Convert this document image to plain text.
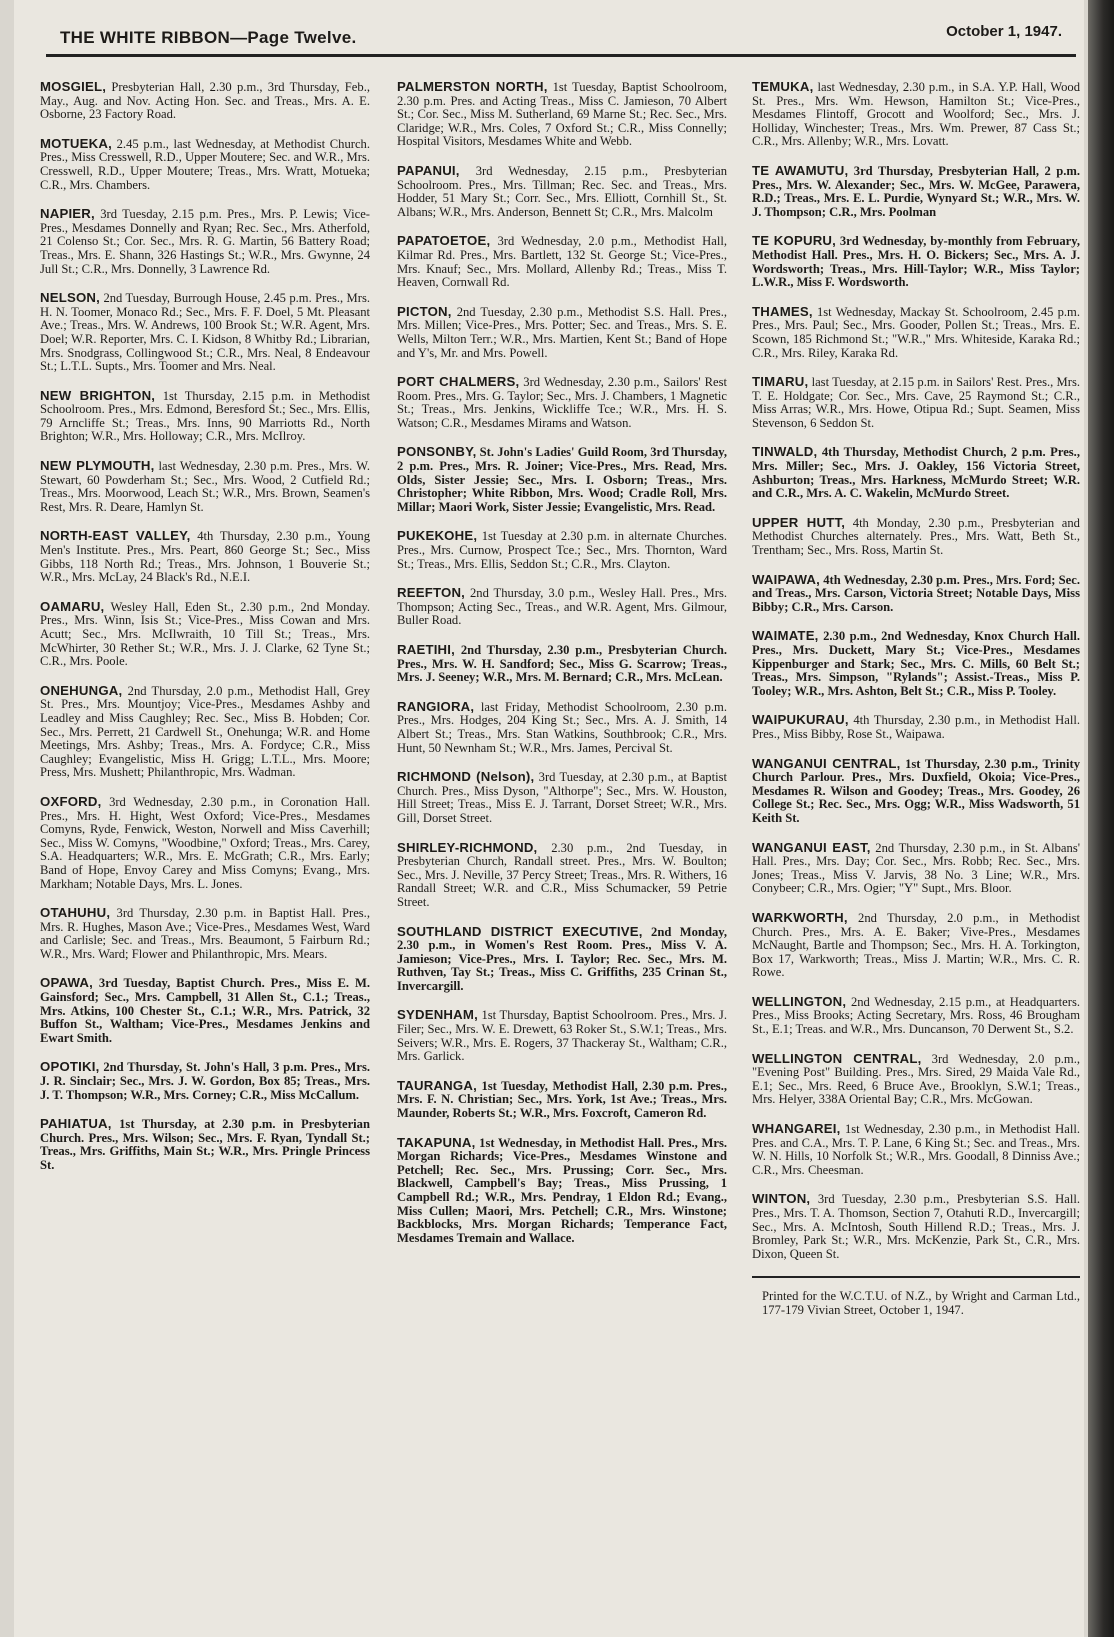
THE WHITE RIBBON—Page Twelve.	October 1, 1947.

MOSGIEL, Presbyterian Hall, 2.30 p.m., 3rd Thursday, Feb., May., Aug. and Nov. Acting Hon. Sec. and Treas., Mrs. A. E. Osborne, 23 Factory Road.

MOTUEKA, 2.45 p.m., last Wednesday, at Methodist Church. Pres., Miss Cresswell, R.D., Upper Moutere; Sec. and W.R., Mrs. Cresswell, R.D., Upper Moutere; Treas., Mrs. Wratt, Motueka; C.R., Mrs. Chambers.

NAPIER, 3rd Tuesday, 2.15 p.m. Pres., Mrs. P. Lewis; Vice-Pres., Mesdames Donnelly and Ryan; Rec. Sec., Mrs. Atherfold, 21 Colenso St.; Cor. Sec., Mrs. R. G. Martin, 56 Battery Road; Treas., Mrs. E. Shann, 326 Hastings St.; W.R., Mrs. Gwynne, 24 Jull St.; C.R., Mrs. Donnelly, 3 Lawrence Rd.

NELSON, 2nd Tuesday, Burrough House, 2.45 p.m. Pres., Mrs. H. N. Toomer, Monaco Rd.; Sec., Mrs. F. F. Doel, 5 Mt. Pleasant Ave.; Treas., Mrs. W. Andrews, 100 Brook St.; W.R. Agent, Mrs. Doel; W.R. Reporter, Mrs. C. I. Kidson, 8 Whitby Rd.; Librarian, Mrs. Snodgrass, Collingwood St.; C.R., Mrs. Neal, 8 Endeavour St.; L.T.L. Supts., Mrs. Toomer and Mrs. Neal.

NEW BRIGHTON, 1st Thursday, 2.15 p.m. in Methodist Schoolroom. Pres., Mrs. Edmond, Beresford St.; Sec., Mrs. Ellis, 79 Arncliffe St.; Treas., Mrs. Inns, 90 Marriotts Rd., North Brighton; W.R., Mrs. Holloway; C.R., Mrs. McIlroy.

NEW PLYMOUTH, last Wednesday, 2.30 p.m. Pres., Mrs. W. Stewart, 60 Powderham St.; Sec., Mrs. Wood, 2 Cutfield Rd.; Treas., Mrs. Moorwood, Leach St.; W.R., Mrs. Brown, Seamen's Rest, Mrs. R. Deare, Hamlyn St.

NORTH-EAST VALLEY, 4th Thursday, 2.30 p.m., Young Men's Institute. Pres., Mrs. Peart, 860 George St.; Sec., Miss Gibbs, 118 North Rd.; Treas., Mrs. Johnson, 1 Bouverie St.; W.R., Mrs. McLay, 24 Black's Rd., N.E.I.

OAMARU, Wesley Hall, Eden St., 2.30 p.m., 2nd Monday. Pres., Mrs. Winn, Isis St.; Vice-Pres., Miss Cowan and Mrs. Acutt; Sec., Mrs. McIlwraith, 10 Till St.; Treas., Mrs. McWhirter, 30 Rether St.; W.R., Mrs. J. J. Clarke, 62 Tyne St.; C.R., Mrs. Poole.

ONEHUNGA, 2nd Thursday, 2.0 p.m., Methodist Hall, Grey St. Pres., Mrs. Mountjoy; Vice-Pres., Mesdames Ashby and Leadley and Miss Caughley; Rec. Sec., Miss B. Hobden; Cor. Sec., Mrs. Perrett, 21 Cardwell St., Onehunga; W.R. and Home Meetings, Mrs. Ashby; Treas., Mrs. A. Fordyce; C.R., Miss Caughley; Evangelistic, Miss H. Grigg; L.T.L., Mrs. Moore; Press, Mrs. Mushett; Philanthropic, Mrs. Wadman.

OXFORD, 3rd Wednesday, 2.30 p.m., in Coronation Hall. Pres., Mrs. H. Hight, West Oxford; Vice-Pres., Mesdames Comyns, Ryde, Fenwick, Weston, Norwell and Miss Caverhill; Sec., Miss W. Comyns, "Woodbine," Oxford; Treas., Mrs. Carey, S.A. Headquarters; W.R., Mrs. E. McGrath; C.R., Mrs. Early; Band of Hope, Envoy Carey and Miss Comyns; Evang., Mrs. Markham; Notable Days, Mrs. L. Jones.

OTAHUHU, 3rd Thursday, 2.30 p.m. in Baptist Hall. Pres., Mrs. R. Hughes, Mason Ave.; Vice-Pres., Mesdames West, Ward and Carlisle; Sec. and Treas., Mrs. Beaumont, 5 Fairburn Rd.; W.R., Mrs. Ward; Flower and Philanthropic, Mrs. Mears.

OPAWA, 3rd Tuesday, Baptist Church. Pres., Miss E. M. Gainsford; Sec., Mrs. Campbell, 31 Allen St., C.1.; Treas., Mrs. Atkins, 100 Chester St., C.1.; W.R., Mrs. Patrick, 32 Buffon St., Waltham; Vice-Pres., Mesdames Jenkins and Ewart Smith.

OPOTIKI, 2nd Thursday, St. John's Hall, 3 p.m. Pres., Mrs. J. R. Sinclair; Sec., Mrs. J. W. Gordon, Box 85; Treas., Mrs. J. T. Thompson; W.R., Mrs. Corney; C.R., Miss McCallum.

PAHIATUA, 1st Thursday, at 2.30 p.m. in Presbyterian Church. Pres., Mrs. Wilson; Sec., Mrs. F. Ryan, Tyndall St.; Treas., Mrs. Griffiths, Main St.; W.R., Mrs. Pringle Princess St.

PALMERSTON NORTH, 1st Tuesday, Baptist Schoolroom, 2.30 p.m. Pres. and Acting Treas., Miss C. Jamieson, 70 Albert St.; Cor. Sec., Miss M. Sutherland, 69 Marne St.; Rec. Sec., Mrs. Claridge; W.R., Mrs. Coles, 7 Oxford St.; C.R., Miss Connelly; Hospital Visitors, Mesdames White and Webb.

PAPANUI, 3rd Wednesday, 2.15 p.m., Presbyterian Schoolroom. Pres., Mrs. Tillman; Rec. Sec. and Treas., Mrs. Hodder, 51 Mary St.; Corr. Sec., Mrs. Elliott, Cornhill St., St. Albans; W.R., Mrs. Anderson, Bennett St; C.R., Mrs. Malcolm

PAPATOETOE, 3rd Wednesday, 2.0 p.m., Methodist Hall, Kilmar Rd. Pres., Mrs. Bartlett, 132 St. George St.; Vice-Pres., Mrs. Knauf; Sec., Mrs. Mollard, Allenby Rd.; Treas., Miss T. Heaven, Cornwall Rd.

PICTON, 2nd Tuesday, 2.30 p.m., Methodist S.S. Hall. Pres., Mrs. Millen; Vice-Pres., Mrs. Potter; Sec. and Treas., Mrs. S. E. Wells, Milton Terr.; W.R., Mrs. Martien, Kent St.; Band of Hope and Y's, Mr. and Mrs. Powell.

PORT CHALMERS, 3rd Wednesday, 2.30 p.m., Sailors' Rest Room. Pres., Mrs. G. Taylor; Sec., Mrs. J. Chambers, 1 Magnetic St.; Treas., Mrs. Jenkins, Wickliffe Tce.; W.R., Mrs. H. S. Watson; C.R., Mesdames Mirams and Watson.

PONSONBY, St. John's Ladies' Guild Room, 3rd Thursday, 2 p.m. Pres., Mrs. R. Joiner; Vice-Pres., Mrs. Read, Mrs. Olds, Sister Jessie; Sec., Mrs. I. Osborn; Treas., Mrs. Christopher; White Ribbon, Mrs. Wood; Cradle Roll, Mrs. Millar; Maori Work, Sister Jessie; Evangelistic, Mrs. Read.

PUKEKOHE, 1st Tuesday at 2.30 p.m. in alternate Churches. Pres., Mrs. Curnow, Prospect Tce.; Sec., Mrs. Thornton, Ward St.; Treas., Mrs. Ellis, Seddon St.; C.R., Mrs. Clayton.

REEFTON, 2nd Thursday, 3.0 p.m., Wesley Hall. Pres., Mrs. Thompson; Acting Sec., Treas., and W.R. Agent, Mrs. Gilmour, Buller Road.

RAETIHI, 2nd Thursday, 2.30 p.m., Presbyterian Church. Pres., Mrs. W. H. Sandford; Sec., Miss G. Scarrow; Treas., Mrs. J. Seeney; W.R., Mrs. M. Bernard; C.R., Mrs. McLean.

RANGIORA, last Friday, Methodist Schoolroom, 2.30 p.m. Pres., Mrs. Hodges, 204 King St.; Sec., Mrs. A. J. Smith, 14 Albert St.; Treas., Mrs. Stan Watkins, Southbrook; C.R., Mrs. Hunt, 50 Newnham St.; W.R., Mrs. James, Percival St.

RICHMOND (Nelson), 3rd Tuesday, at 2.30 p.m., at Baptist Church. Pres., Miss Dyson, "Althorpe"; Sec., Mrs. W. Houston, Hill Street; Treas., Miss E. J. Tarrant, Dorset Street; W.R., Mrs. Gill, Dorset Street.

SHIRLEY-RICHMOND, 2.30 p.m., 2nd Tuesday, in Presbyterian Church, Randall street. Pres., Mrs. W. Boulton; Sec., Mrs. J. Neville, 37 Percy Street; Treas., Mrs. R. Withers, 16 Randall Street; W.R. and C.R., Miss Schumacker, 59 Petrie Street.

SOUTHLAND DISTRICT EXECUTIVE, 2nd Monday, 2.30 p.m., in Women's Rest Room. Pres., Miss V. A. Jamieson; Vice-Pres., Mrs. I. Taylor; Rec. Sec., Mrs. M. Ruthven, Tay St.; Treas., Miss C. Griffiths, 235 Crinan St., Invercargill.

SYDENHAM, 1st Thursday, Baptist Schoolroom. Pres., Mrs. J. Filer; Sec., Mrs. W. E. Drewett, 63 Roker St., S.W.1; Treas., Mrs. Seivers; W.R., Mrs. E. Rogers, 37 Thackeray St., Waltham; C.R., Mrs. Garlick.

TAURANGA, 1st Tuesday, Methodist Hall, 2.30 p.m. Pres., Mrs. F. N. Christian; Sec., Mrs. York, 1st Ave.; Treas., Mrs. Maunder, Roberts St.; W.R., Mrs. Foxcroft, Cameron Rd.

TAKAPUNA, 1st Wednesday, in Methodist Hall. Pres., Mrs. Morgan Richards; Vice-Pres., Mesdames Winstone and Petchell; Rec. Sec., Mrs. Prussing; Corr. Sec., Mrs. Blackwell, Campbell's Bay; Treas., Miss Prussing, 1 Campbell Rd.; W.R., Mrs. Pendray, 1 Eldon Rd.; Evang., Miss Cullen; Maori, Mrs. Petchell; C.R., Mrs. Winstone; Backblocks, Mrs. Morgan Richards; Temperance Fact, Mesdames Tremain and Wallace.

TEMUKA, last Wednesday, 2.30 p.m., in S.A. Y.P. Hall, Wood St. Pres., Mrs. Wm. Hewson, Hamilton St.; Vice-Pres., Mesdames Flintoff, Grocott and Woolford; Sec., Mrs. J. Holliday, Winchester; Treas., Mrs. Wm. Prewer, 87 Cass St.; C.R., Mrs. Allenby; W.R., Mrs. Lovatt.

TE AWAMUTU, 3rd Thursday, Presbyterian Hall, 2 p.m. Pres., Mrs. W. Alexander; Sec., Mrs. W. McGee, Parawera, R.D.; Treas., Mrs. E. L. Purdie, Wynyard St.; W.R., Mrs. W. J. Thompson; C.R., Mrs. Poolman

TE KOPURU, 3rd Wednesday, by-monthly from February, Methodist Hall. Pres., Mrs. H. O. Bickers; Sec., Mrs. A. J. Wordsworth; Treas., Mrs. Hill-Taylor; W.R., Miss Taylor; L.W.R., Miss F. Wordsworth.

THAMES, 1st Wednesday, Mackay St. Schoolroom, 2.45 p.m. Pres., Mrs. Paul; Sec., Mrs. Gooder, Pollen St.; Treas., Mrs. E. Scown, 185 Richmond St.; "W.R.," Mrs. Whiteside, Karaka Rd.; C.R., Mrs. Riley, Karaka Rd.

TIMARU, last Tuesday, at 2.15 p.m. in Sailors' Rest. Pres., Mrs. T. E. Holdgate; Cor. Sec., Mrs. Cave, 25 Raymond St.; C.R., Miss Arras; W.R., Mrs. Howe, Otipua Rd.; Supt. Seamen, Miss Stevenson, 6 Seddon St.

TINWALD, 4th Thursday, Methodist Church, 2 p.m. Pres., Mrs. Miller; Sec., Mrs. J. Oakley, 156 Victoria Street, Ashburton; Treas., Mrs. Harkness, McMurdo Street; W.R. and C.R., Mrs. A. C. Wakelin, McMurdo Street.

UPPER HUTT, 4th Monday, 2.30 p.m., Presbyterian and Methodist Churches alternately. Pres., Mrs. Watt, Beth St., Trentham; Sec., Mrs. Ross, Martin St.

WAIPAWA, 4th Wednesday, 2.30 p.m. Pres., Mrs. Ford; Sec. and Treas., Mrs. Carson, Victoria Street; Notable Days, Miss Bibby; C.R., Mrs. Carson.

WAIMATE, 2.30 p.m., 2nd Wednesday, Knox Church Hall. Pres., Mrs. Duckett, Mary St.; Vice-Pres., Mesdames Kippenburger and Stark; Sec., Mrs. C. Mills, 60 Belt St.; Treas., Mrs. Simpson, "Rylands"; Assist.-Treas., Miss P. Tooley; W.R., Mrs. Ashton, Belt St.; C.R., Miss P. Tooley.

WAIPUKURAU, 4th Thursday, 2.30 p.m., in Methodist Hall. Pres., Miss Bibby, Rose St., Waipawa.

WANGANUI CENTRAL, 1st Thursday, 2.30 p.m., Trinity Church Parlour. Pres., Mrs. Duxfield, Okoia; Vice-Pres., Mesdames R. Wilson and Goodey; Treas., Mrs. Goodey, 26 College St.; Rec. Sec., Mrs. Ogg; W.R., Miss Wadsworth, 51 Keith St.

WANGANUI EAST, 2nd Thursday, 2.30 p.m., in St. Albans' Hall. Pres., Mrs. Day; Cor. Sec., Mrs. Robb; Rec. Sec., Mrs. Jones; Treas., Miss V. Jarvis, 38 No. 3 Line; W.R., Mrs. Conybeer; C.R., Mrs. Ogier; "Y" Supt., Mrs. Bloor.

WARKWORTH, 2nd Thursday, 2.0 p.m., in Methodist Church. Pres., Mrs. A. E. Baker; Vive-Pres., Mesdames McNaught, Bartle and Thompson; Sec., Mrs. H. A. Torkington, Box 17, Warkworth; Treas., Miss J. Martin; W.R., Mrs. C. R. Rowe.

WELLINGTON, 2nd Wednesday, 2.15 p.m., at Headquarters. Pres., Miss Brooks; Acting Secretary, Mrs. Ross, 46 Brougham St., E.1; Treas. and W.R., Mrs. Duncanson, 70 Derwent St., S.2.

WELLINGTON CENTRAL, 3rd Wednesday, 2.0 p.m., "Evening Post" Building. Pres., Mrs. Sired, 29 Maida Vale Rd., E.1; Sec., Mrs. Reed, 6 Bruce Ave., Brooklyn, S.W.1; Treas., Mrs. Helyer, 338A Oriental Bay; C.R., Mrs. McGowan.

WHANGAREI, 1st Wednesday, 2.30 p.m., in Methodist Hall. Pres. and C.A., Mrs. T. P. Lane, 6 King St.; Sec. and Treas., Mrs. W. N. Hills, 10 Norfolk St.; W.R., Mrs. Goodall, 8 Dinniss Ave.; C.R., Mrs. Cheesman.

WINTON, 3rd Tuesday, 2.30 p.m., Presbyterian S.S. Hall. Pres., Mrs. T. A. Thomson, Section 7, Otahuti R.D., Invercargill; Sec., Mrs. A. McIntosh, South Hillend R.D.; Treas., Mrs. J. Bromley, Park St.; W.R., Mrs. McKenzie, Park St., C.R., Mrs. Dixon, Queen St.

Printed for the W.C.T.U. of N.Z., by Wright and Carman Ltd., 177-179 Vivian Street, October 1, 1947.
